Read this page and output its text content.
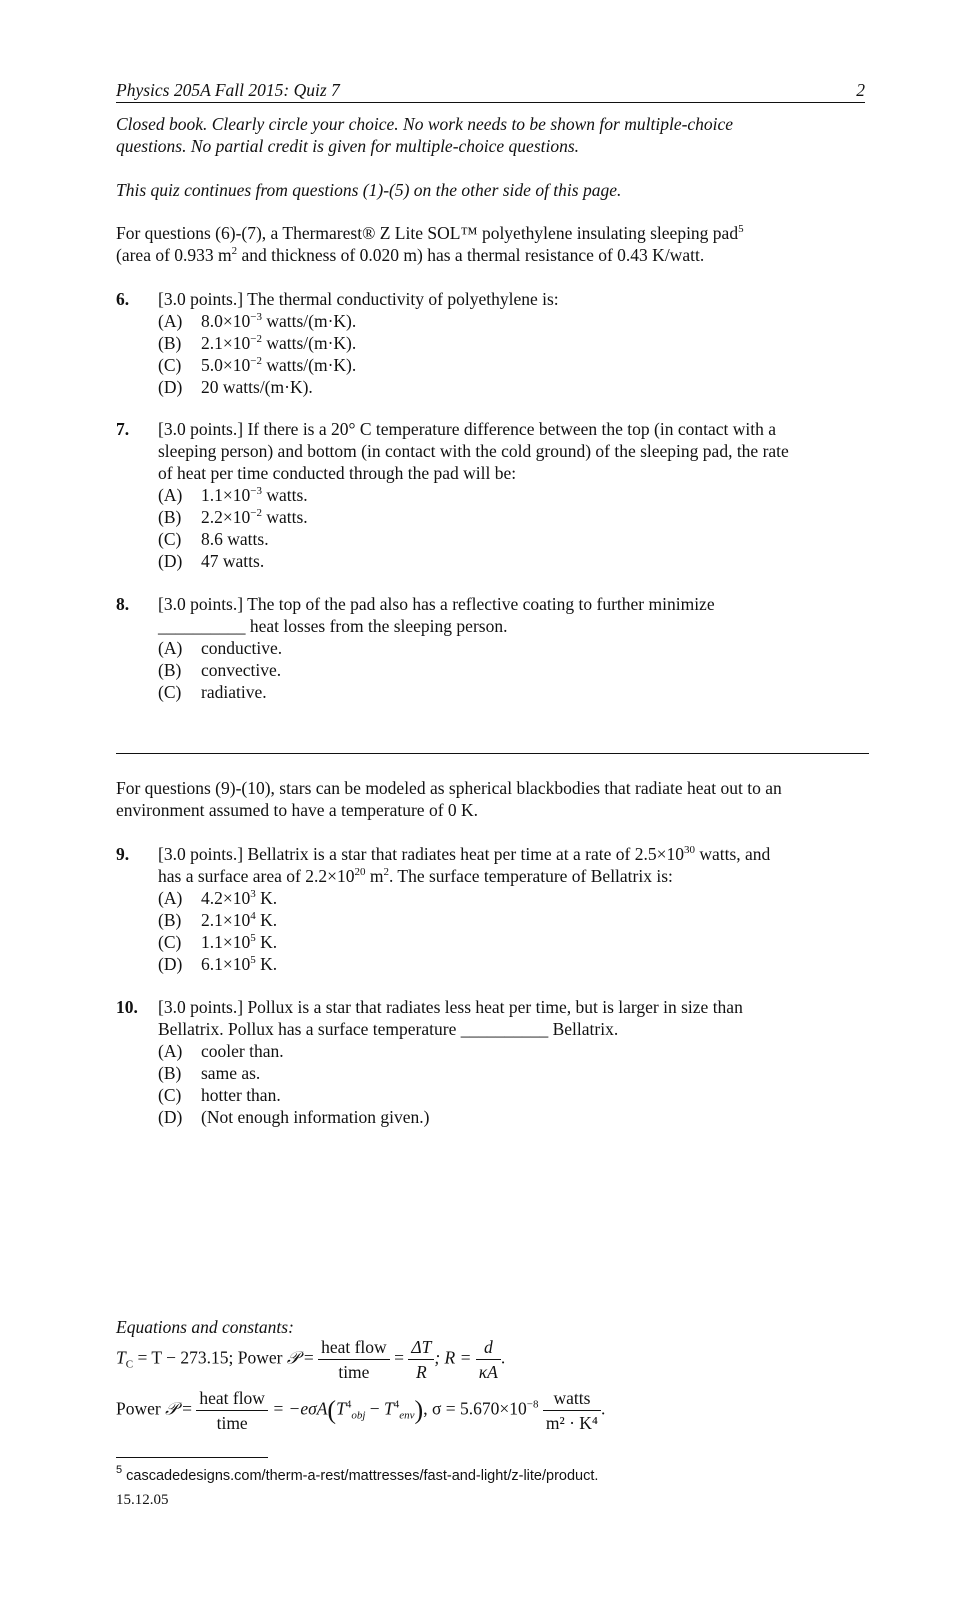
Physics 205A Fall 2015: Quiz 7	2
Closed book. Clearly circle your choice. No work needs to be shown for multiple-choice
questions. No partial credit is given for multiple-choice questions.
This quiz continues from questions (1)-(5) on the other side of this page.
For questions (6)-(7), a Thermarest® Z Lite SOL™ polyethylene insulating sleeping pad$^5$
(area of 0.933 $m^2$ and thickness of 0.020 m) has a thermal resistance of 0.43 K/watt.
6. [3.0 points.] The thermal conductivity of polyethylene is:
(A) $8.0\times 10^{-3}$ watts/(m·K).
(B) $2.1\times 10^{-2}$ watts/(m·K).
(C) $5.0\times 10^{-2}$ watts/(m·K).
(D) 20 watts/(m·K).
7. [3.0 points.] If there is a 20° C temperature difference between the top (in contact with a
sleeping person) and bottom (in contact with the cold ground) of the sleeping pad, the rate
of heat per time conducted through the pad will be:
(A) $1.1\times 10^{-3}$ watts.
(B) $2.2\times 10^{-2}$ watts.
(C) 8.6 watts.
(D) 47 watts.
8. [3.0 points.] The top of the pad also has a reflective coating to further minimize
__________ heat losses from the sleeping person.
(A) conductive.
(B) convective.
(C) radiative.
For questions (9)-(10), stars can be modeled as spherical blackbodies that radiate heat out to an
environment assumed to have a temperature of 0 K.
9. [3.0 points.] Bellatrix is a star that radiates heat per time at a rate of $2.5\times 10^{30}$ watts, and
has a surface area of $2.2\times 10^{20}$ $m^2$. The surface temperature of Bellatrix is:
(A) $4.2\times 10^3$ K.
(B) $2.1\times 10^4$ K.
(C) $1.1\times 10^5$ K.
(D) $6.1\times 10^5$ K.
10. [3.0 points.] Pollux is a star that radiates less heat per time, but is larger in size than
Bellatrix. Pollux has a surface temperature __________ Bellatrix.
(A) cooler than.
(B) same as.
(C) hotter than.
(D) (Not enough information given.)
Equations and constants:
$T_C = T - 273.15$; Power 𝒫 = $\frac{\text{heat flow}}{\text{time}} = \frac{\Delta T}{R}$ ; $R = \frac{d}{\kappa A}$ .
Power 𝒫 = $\frac{\text{heat flow}}{\text{time}} = -e\sigma A(T^4_{obj} - T^4_{env})$, $\sigma = 5.670\times 10^{-8} \frac{\text{watts}}{\text{m² · K⁴}}$ .
$^5$ cascadedesigns.com/therm-a-rest/mattresses/fast-and-light/z-lite/product.
15.12.05
